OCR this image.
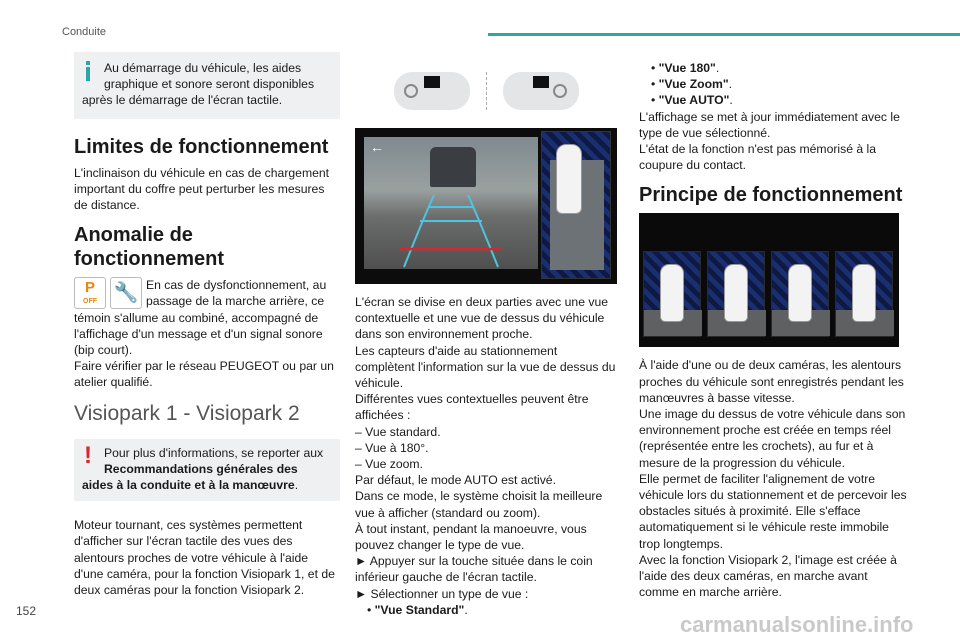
Conduite

Au démarrage du véhicule, les aides

graphique et sonore seront disponibles

après le démarrage de l'écran tactile.

Limites de fonctionnement

L'inclinaison du véhicule en cas de chargement important du coffre peut perturber les mesures de distance.

Anomalie de fonctionnement
P
OFF 🔧 En cas de dysfonctionnement, au passage de la marche arrière, ce

témoin s'allume au combiné, accompagné de l'affichage d'un message et d'un signal sonore (bip court).

Faire vérifier par le réseau PEUGEOT ou par un atelier qualifié.

Visiopark 1 - Visiopark 2
! Pour plus d'informations, se reporter aux

Recommandations générales des

aides à la conduite et à la manœuvre.

Moteur tournant, ces systèmes permettent d'afficher sur l'écran tactile des vues des alentours proches de votre véhicule à l'aide d'une caméra, pour la fonction Visiopark 1, et de deux caméras pour la fonction Visiopark 2.

←

L'écran se divise en deux parties avec une vue contextuelle et une vue de dessus du véhicule dans son environnement proche.

Les capteurs d'aide au stationnement complètent l'information sur la vue de dessus du véhicule.

Différentes vues contextuelles peuvent être affichées :

– Vue standard.

– Vue à 180°.

– Vue zoom.

Par défaut, le mode AUTO est activé.

Dans ce mode, le système choisit la meilleure vue à afficher (standard ou zoom).

À tout instant, pendant la manoeuvre, vous pouvez changer le type de vue.

► Appuyer sur la touche située dans le coin inférieur gauche de l'écran tactile.

► Sélectionner un type de vue :

• "Vue Standard".

• "Vue 180".

• "Vue Zoom".

• "Vue AUTO".

L'affichage se met à jour immédiatement avec le type de vue sélectionné.

L'état de la fonction n'est pas mémorisé à la coupure du contact.

Principe de fonctionnement

À l'aide d'une ou de deux caméras, les alentours proches du véhicule sont enregistrés pendant les manœuvres à basse vitesse.

Une image du dessus de votre véhicule dans son environnement proche est créée en temps réel (représentée entre les crochets), au fur et à mesure de la progression du véhicule.

Elle permet de faciliter l'alignement de votre véhicule lors du stationnement et de percevoir les obstacles situés à proximité. Elle s'efface automatiquement si le véhicule reste immobile trop longtemps.

Avec la fonction Visiopark 2, l'image est créée à l'aide des deux caméras, en marche avant comme en marche arrière.

152
carmanualsonline.info
